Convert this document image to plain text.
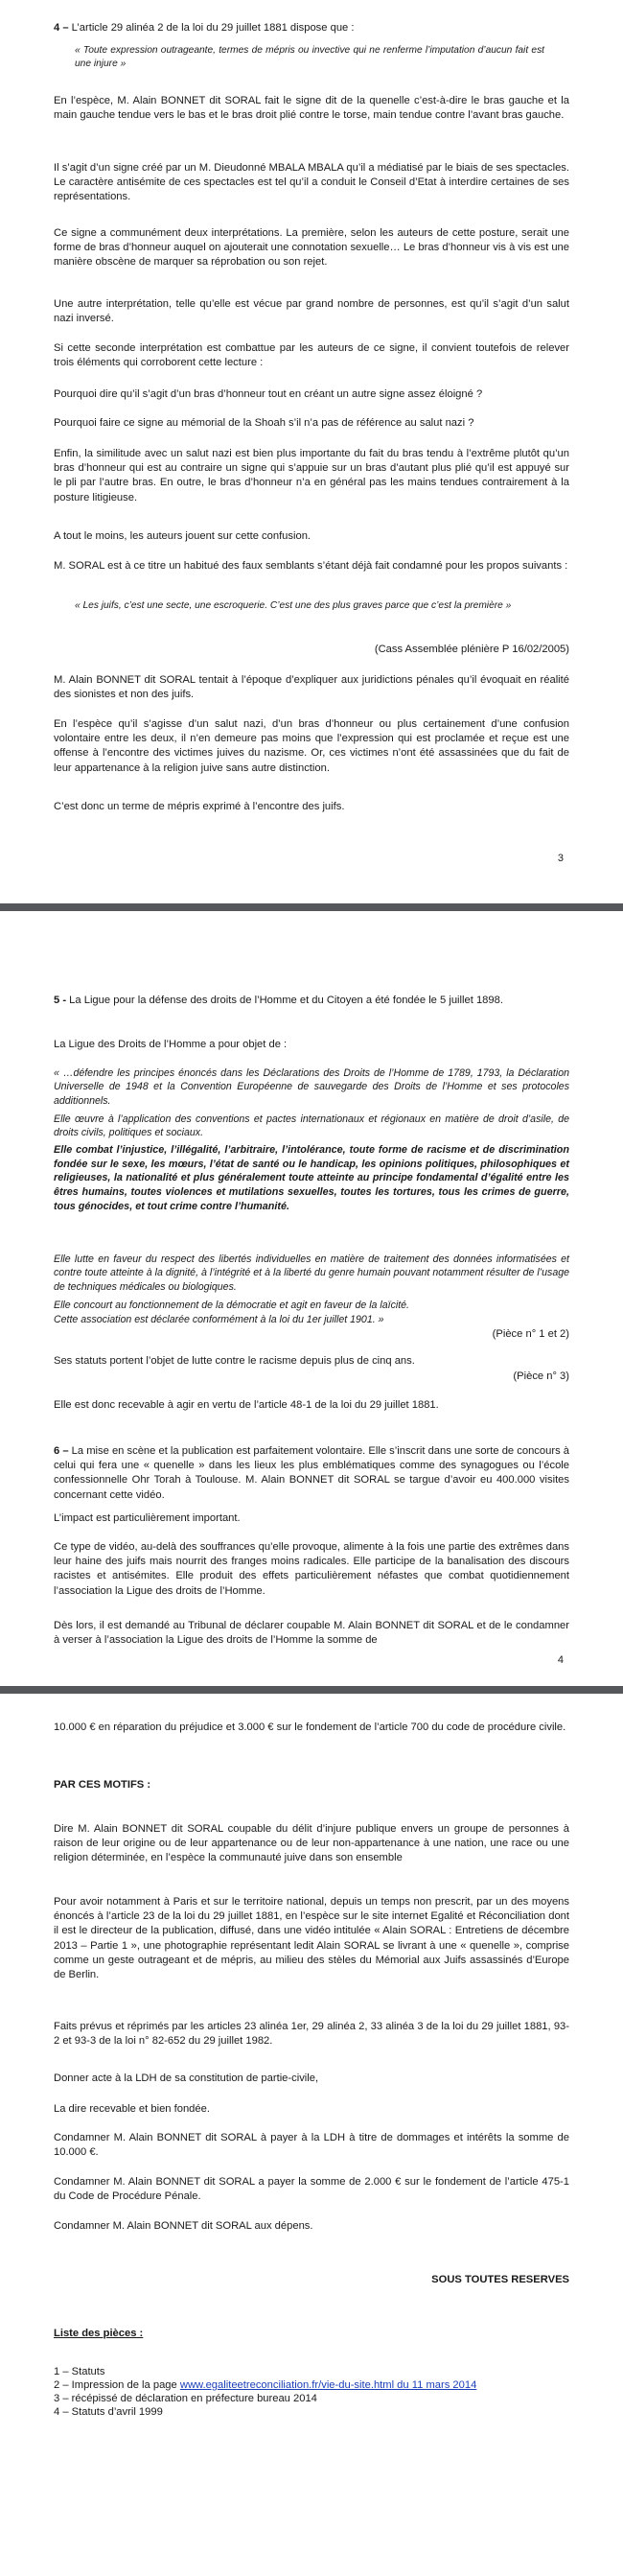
4 – L’article 29 alinéa 2 de la loi du 29 juillet 1881 dispose que :

« Toute expression outrageante, termes de mépris ou invective qui ne renferme l’imputation d’aucun fait est une injure »

En l’espèce, M. Alain BONNET dit SORAL fait le signe dit de la quenelle c’est-à-dire le bras gauche et la main gauche tendue vers le bas et le bras droit plié contre le torse, main tendue contre l’avant bras gauche.

Il s’agit d’un signe créé par un M. Dieudonné MBALA MBALA qu’il a médiatisé par le biais de ses spectacles. Le caractère antisémite de ces spectacles est tel qu’il a conduit le Conseil d’Etat à interdire certaines de ses représentations.

Ce signe a communément deux interprétations. La première, selon les auteurs de cette posture, serait une forme de bras d’honneur auquel on ajouterait une connotation sexuelle… Le bras d’honneur vis à vis est une manière obscène de marquer sa réprobation ou son rejet.

Une autre interprétation, telle qu’elle est vécue par grand nombre de personnes, est qu’il s’agit d’un salut nazi inversé.

Si cette seconde interprétation est combattue par les auteurs de ce signe, il convient toutefois de relever trois éléments qui corroborent cette lecture :

Pourquoi dire qu’il s’agit d’un bras d’honneur tout en créant un autre signe assez éloigné ?

Pourquoi faire ce signe au mémorial de la Shoah s’il n’a pas de référence au salut nazi ?

Enfin, la similitude avec un salut nazi est bien plus importante du fait du bras tendu à l’extrême plutôt qu’un bras d’honneur qui est au contraire un signe qui s’appuie sur un bras d’autant plus plié qu’il est appuyé sur le pli par l’autre bras. En outre, le bras d’honneur n’a en général pas les mains tendues contrairement à la posture litigieuse.

A tout le moins, les auteurs jouent sur cette confusion.

M. SORAL est à ce titre un habitué des faux semblants s’étant déjà fait condamné pour les propos suivants :

« Les juifs, c’est une secte, une escroquerie. C’est une des plus graves parce que c’est la première »

(Cass Assemblée plénière P 16/02/2005)

M. Alain BONNET dit SORAL tentait à l’époque d’expliquer aux juridictions pénales qu’il évoquait en réalité des sionistes et non des juifs.

En l’espèce qu’il s’agisse d’un salut nazi, d’un bras d’honneur ou plus certainement d’une confusion volontaire entre les deux, il n’en demeure pas moins que l’expression qui est proclamée et reçue est une offense à l’encontre des victimes juives du nazisme. Or, ces victimes n’ont été assassinées que du fait de leur appartenance à la religion juive sans autre distinction.

C’est donc un terme de mépris exprimé à l’encontre des juifs.

3

5 - La Ligue pour la défense des droits de l’Homme et du Citoyen a été fondée le 5 juillet 1898.

La Ligue des Droits de l’Homme a pour objet de :

« …défendre les principes énoncés dans les Déclarations des Droits de l’Homme de 1789, 1793, la Déclaration Universelle de 1948 et la Convention Européenne de sauvegarde des Droits de l’Homme et ses protocoles additionnels.

Elle œuvre à l’application des conventions et pactes internationaux et régionaux en matière de droit d’asile, de droits civils, politiques et sociaux.

Elle combat l’injustice, l’illégalité, l’arbitraire, l’intolérance, toute forme de racisme et de discrimination fondée sur le sexe, les mœurs, l’état de santé ou le handicap, les opinions politiques, philosophiques et religieuses, la nationalité et plus généralement toute atteinte au principe fondamental d’égalité entre les êtres humains, toutes violences et mutilations sexuelles, toutes les tortures, tous les crimes de guerre, tous génocides, et tout crime contre l’humanité.

Elle lutte en faveur du respect des libertés individuelles en matière de traitement des données informatisées et contre toute atteinte à la dignité, à l’intégrité et à la liberté du genre humain pouvant notamment résulter de l’usage de techniques médicales ou biologiques.

Elle concourt au fonctionnement de la démocratie et agit en faveur de la laïcité.

Cette association est déclarée conformément à la loi du 1er juillet 1901. »

(Pièce n° 1 et 2)

Ses statuts portent l’objet de lutte contre le racisme depuis plus de cinq ans.

(Pièce n° 3)

Elle est donc recevable à agir en vertu de l’article 48-1 de la loi du 29 juillet 1881.

6 – La mise en scène et la publication est parfaitement volontaire. Elle s’inscrit dans une sorte de concours à celui qui fera une « quenelle » dans les lieux les plus emblématiques comme des synagogues ou l’école confessionnelle Ohr Torah à Toulouse. M. Alain BONNET dit SORAL se targue d’avoir eu 400.000 visites concernant cette vidéo.

L’impact est particulièrement important.

Ce type de vidéo, au-delà des souffrances qu’elle provoque, alimente à la fois une partie des extrêmes dans leur haine des juifs mais nourrit des franges moins radicales. Elle participe de la banalisation des discours racistes et antisémites. Elle produit des effets particulièrement néfastes que combat quotidiennement l’association la Ligue des droits de l’Homme.

Dès lors, il est demandé au Tribunal de déclarer coupable M. Alain BONNET dit SORAL et de le condamner à verser à l’association la Ligue des droits de l’Homme la somme de

4

10.000 € en réparation du préjudice et 3.000 € sur le fondement de l’article 700 du code de procédure civile.

PAR CES MOTIFS :

Dire M. Alain BONNET dit SORAL coupable du délit d’injure publique envers un groupe de personnes à raison de leur origine ou de leur appartenance ou de leur non-appartenance à une nation, une race ou une religion déterminée, en l’espèce la communauté juive dans son ensemble

Pour avoir notamment à Paris et sur le territoire national, depuis un temps non prescrit, par un des moyens énoncés à l’article 23 de la loi du 29 juillet 1881, en l’espèce sur le site internet Egalité et Réconciliation dont il est le directeur de la publication, diffusé, dans une vidéo intitulée « Alain SORAL : Entretiens de décembre 2013 – Partie 1 », une photographie représentant ledit Alain SORAL se livrant à une « quenelle », comprise comme un geste outrageant et de mépris, au milieu des stèles du Mémorial aux Juifs assassinés d’Europe de Berlin.

Faits prévus et réprimés par les articles 23 alinéa 1er, 29 alinéa 2, 33 alinéa 3 de la loi du 29 juillet 1881, 93-2 et 93-3 de la loi n° 82-652 du 29 juillet 1982.

Donner acte à la LDH de sa constitution de partie-civile,

La dire recevable et bien fondée.

Condamner M. Alain BONNET dit SORAL à payer à la LDH à titre de dommages et intérêts la somme de 10.000 €.

Condamner M. Alain BONNET dit SORAL a payer la somme de 2.000 € sur le fondement de l’article 475-1 du Code de Procédure Pénale.

Condamner M. Alain BONNET dit SORAL aux dépens.

SOUS TOUTES RESERVES

Liste des pièces :

1 – Statuts

2 – Impression de la page www.egaliteetreconciliation.fr/vie-du-site.html du 11 mars 2014

3 – récépissé de déclaration en préfecture bureau 2014

4 – Statuts d’avril 1999
